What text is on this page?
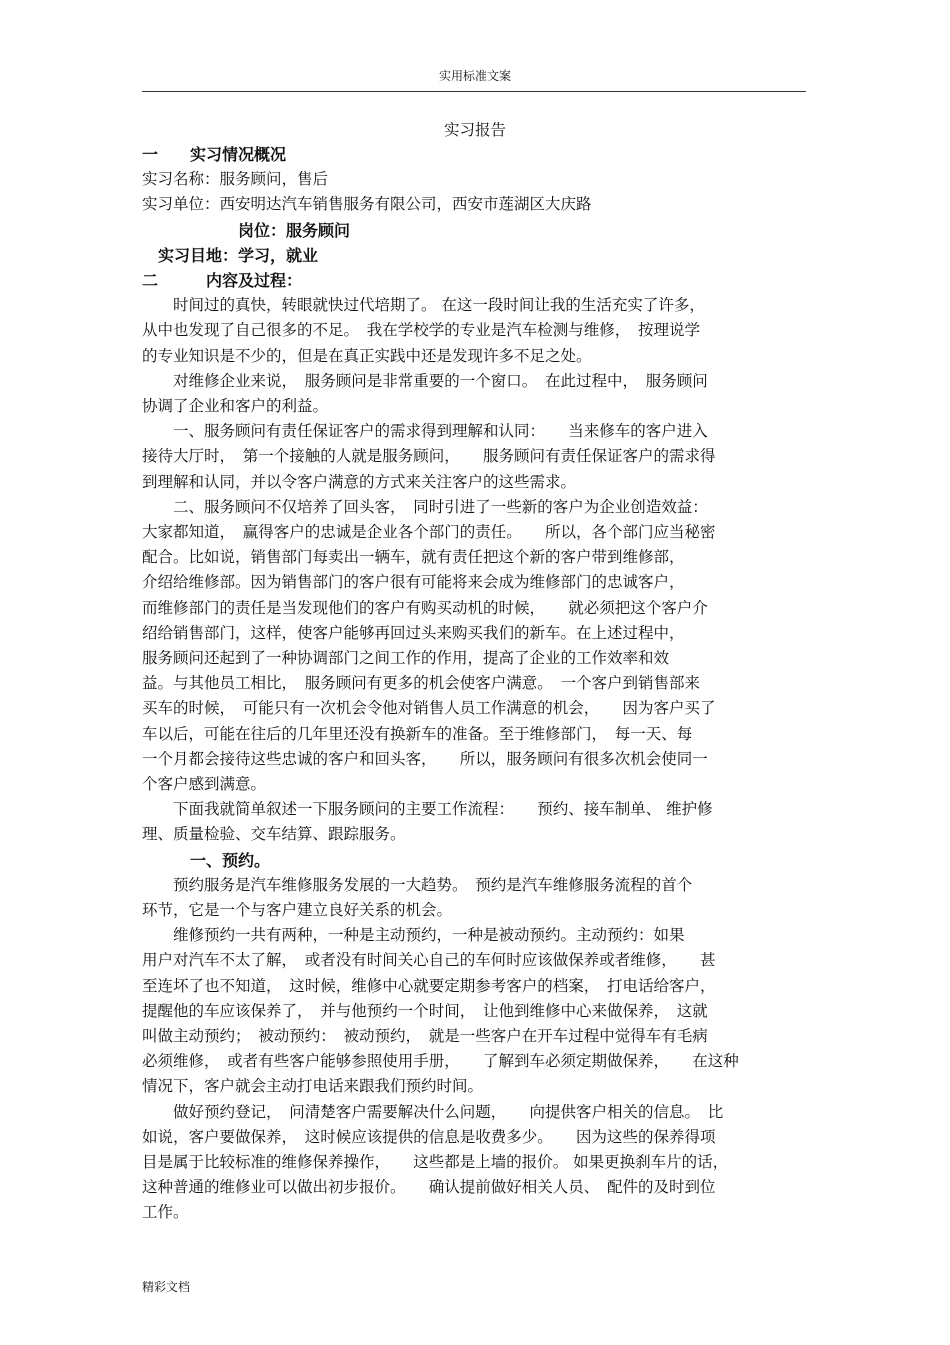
实用标准文案
实习报告
一　　实习情况概况
实习名称：服务顾问，售后
实习单位：西安明达汽车销售服务有限公司，西安市莲湖区大庆路
　　　　　　岗位：服务顾问
　实习目地：学习，就业
二　　　内容及过程：
　　时间过的真快，转眼就快过代培期了。 在这一段时间让我的生活充实了许多，
从中也发现了自己很多的不足。　我在学校学的专业是汽车检测与维修，　按理说学
的专业知识是不少的，但是在真正实践中还是发现许多不足之处。
　　对维修企业来说，　服务顾问是非常重要的一个窗口。　在此过程中，　服务顾问
协调了企业和客户的利益。
　　一、服务顾问有责任保证客户的需求得到理解和认同：　　当来修车的客户进入
接待大厅时，　第一个接触的人就是服务顾问，　　服务顾问有责任保证客户的需求得
到理解和认同，并以令客户满意的方式来关注客户的这些需求。
　　二、服务顾问不仅培养了回头客，　同时引进了一些新的客户为企业创造效益：
大家都知道，　赢得客户的忠诚是企业各个部门的责任。　　所以，各个部门应当秘密
配合。比如说，销售部门每卖出一辆车，就有责任把这个新的客户带到维修部，
介绍给维修部。因为销售部门的客户很有可能将来会成为维修部门的忠诚客户，
而维修部门的责任是当发现他们的客户有购买动机的时候，　　就必须把这个客户介
绍给销售部门，这样，使客户能够再回过头来购买我们的新车。在上述过程中，
服务顾问还起到了一种协调部门之间工作的作用，提高了企业的工作效率和效
益。与其他员工相比，　服务顾问有更多的机会使客户满意。　一个客户到销售部来
买车的时候，　可能只有一次机会令他对销售人员工作满意的机会，　　因为客户买了
车以后，可能在往后的几年里还没有换新车的准备。至于维修部门，　每一天、每
一个月都会接待这些忠诚的客户和回头客，　　所以，服务顾问有很多次机会使同一
个客户感到满意。
　　下面我就简单叙述一下服务顾问的主要工作流程：　　预约、接车制单、 维护修
理、质量检验、交车结算、跟踪服务。
　　　一、预约。
　　预约服务是汽车维修服务发展的一大趋势。　预约是汽车维修服务流程的首个
环节，它是一个与客户建立良好关系的机会。
　　维修预约一共有两种，一种是主动预约，一种是被动预约。主动预约：如果
用户对汽车不太了解，　或者没有时间关心自己的车何时应该做保养或者维修，　　甚
至连坏了也不知道，　这时候，维修中心就要定期参考客户的档案，　打电话给客户，
提醒他的车应该保养了，　并与他预约一个时间，　让他到维修中心来做保养，　这就
叫做主动预约；　被动预约：　被动预约，　就是一些客户在开车过程中觉得车有毛病
必须维修，　或者有些客户能够参照使用手册，　　了解到车必须定期做保养，　　在这种
情况下，客户就会主动打电话来跟我们预约时间。
　　做好预约登记，　问清楚客户需要解决什么问题，　　向提供客户相关的信息。　比
如说，客户要做保养，　这时候应该提供的信息是收费多少。　　因为这些的保养得项
目是属于比较标准的维修保养操作，　　这些都是上墙的报价。 如果更换刹车片的话，
这种普通的维修业可以做出初步报价。　　确认提前做好相关人员、　配件的及时到位
工作。
精彩文档
